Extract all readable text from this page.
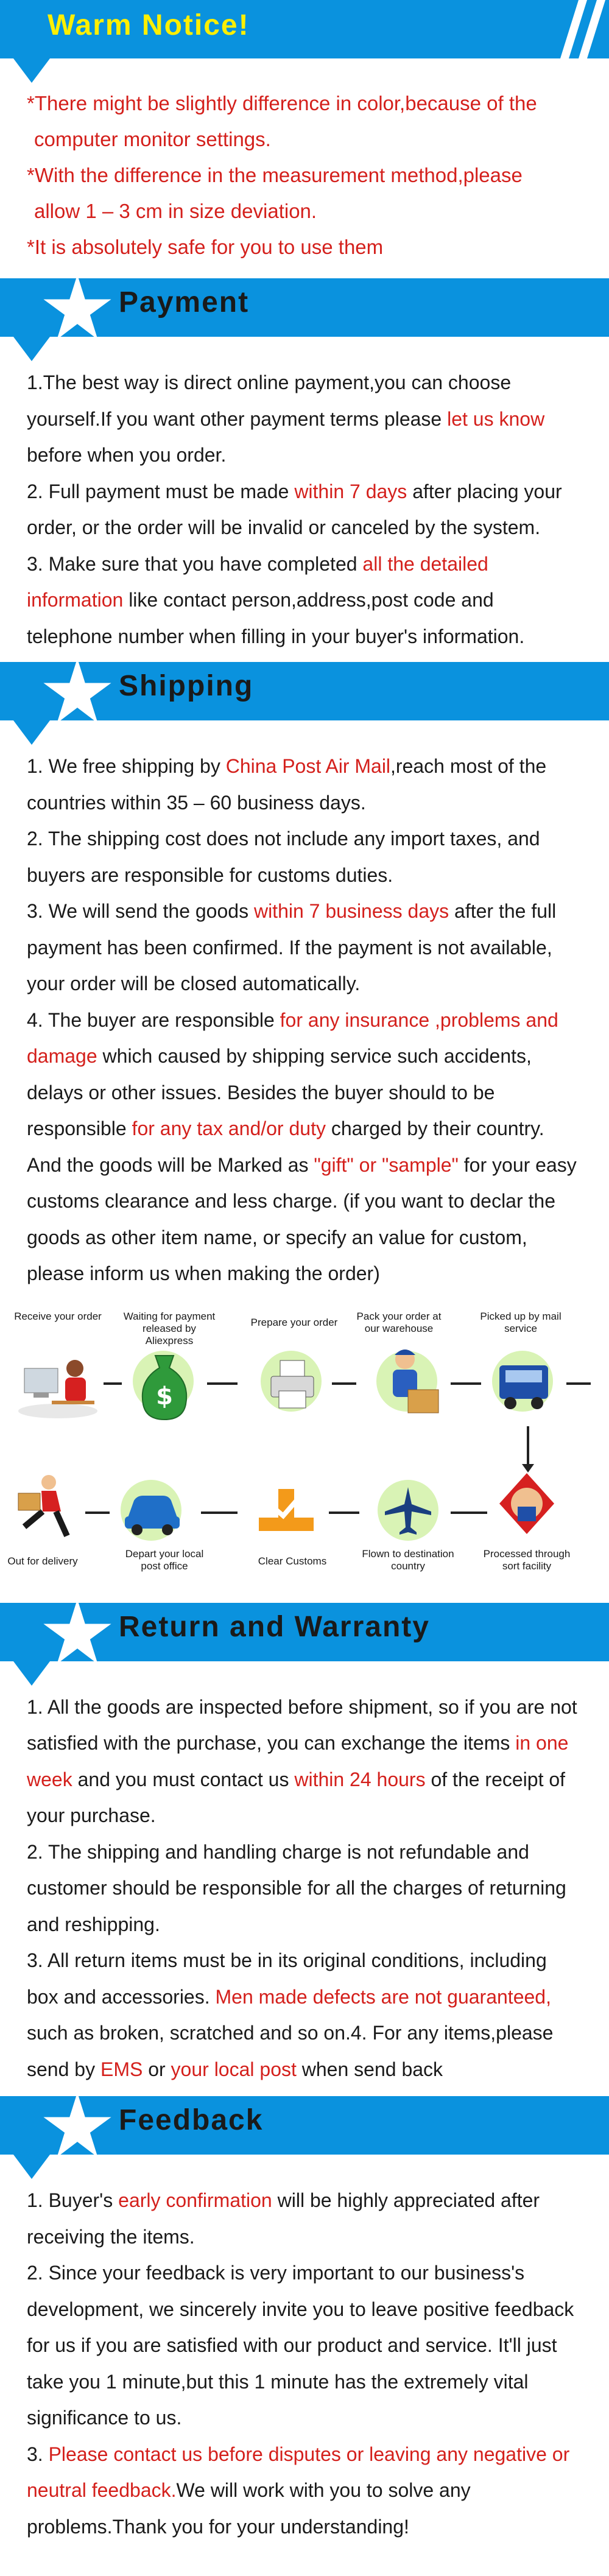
Warm Notice!

*There might be slightly difference in color,because of the

computer monitor settings.

*With the difference in the measurement method,please

allow 1 – 3 cm in size deviation.

*It is absolutely safe for you to use them

Payment

1.The best way is direct online payment,you can choose yourself.If you want other payment terms please let us know before when you order.

2. Full payment must be made within 7 days after placing your order, or the order will be invalid or canceled by the system.

3. Make sure that you have completed all the detailed information like contact person,address,post code and telephone number when filling in your buyer's information.

Shipping

1. We free shipping by China Post Air Mail,reach most of the countries within 35 – 60 business days.

2. The shipping cost does not include any import taxes, and buyers are responsible for customs duties.

3. We will send the goods within 7 business days after the full payment has been confirmed. If the payment is not available, your order will be closed automatically.

4. The buyer are responsible for any insurance ,problems and damage which caused by shipping service such accidents, delays or other issues. Besides the buyer should to be responsible for any tax and/or duty charged by their country. And the goods will be Marked as "gift" or "sample" for your easy customs clearance and less charge. (if you want to declar the goods as other item name, or specify an value for custom, please inform us when making the order)

Receive your order	Waiting for payment released by Aliexpress
Prepare your order
Pack your order at our warehouse
Picked up by mail service
$
Out for delivery
Depart your local post office	Clear Customs
Flown to destination country
Processed through sort facility
Return and Warranty

1. All the goods are inspected before shipment, so if you are not satisfied with the purchase, you can exchange the items in one week and you must contact us within 24 hours of the receipt of your purchase.

2. The shipping and handling charge is not refundable and customer should be responsible for all the charges of returning and reshipping.

3. All return items must be in its original conditions, including box and accessories. Men made defects are not guaranteed, such as broken, scratched and so on.4. For any items,please send by EMS or your local post when send back

Feedback

1. Buyer's early confirmation will be highly appreciated after receiving the items.

2. Since your feedback is very important to our business's development, we sincerely invite you to leave positive feedback for us if you are satisfied with our product and service. It'll just take you 1 minute,but this 1 minute has the extremely vital significance to us.

3. Please contact us before disputes or leaving any negative or neutral feedback.We will work with you to solve any problems.Thank you for your understanding!
